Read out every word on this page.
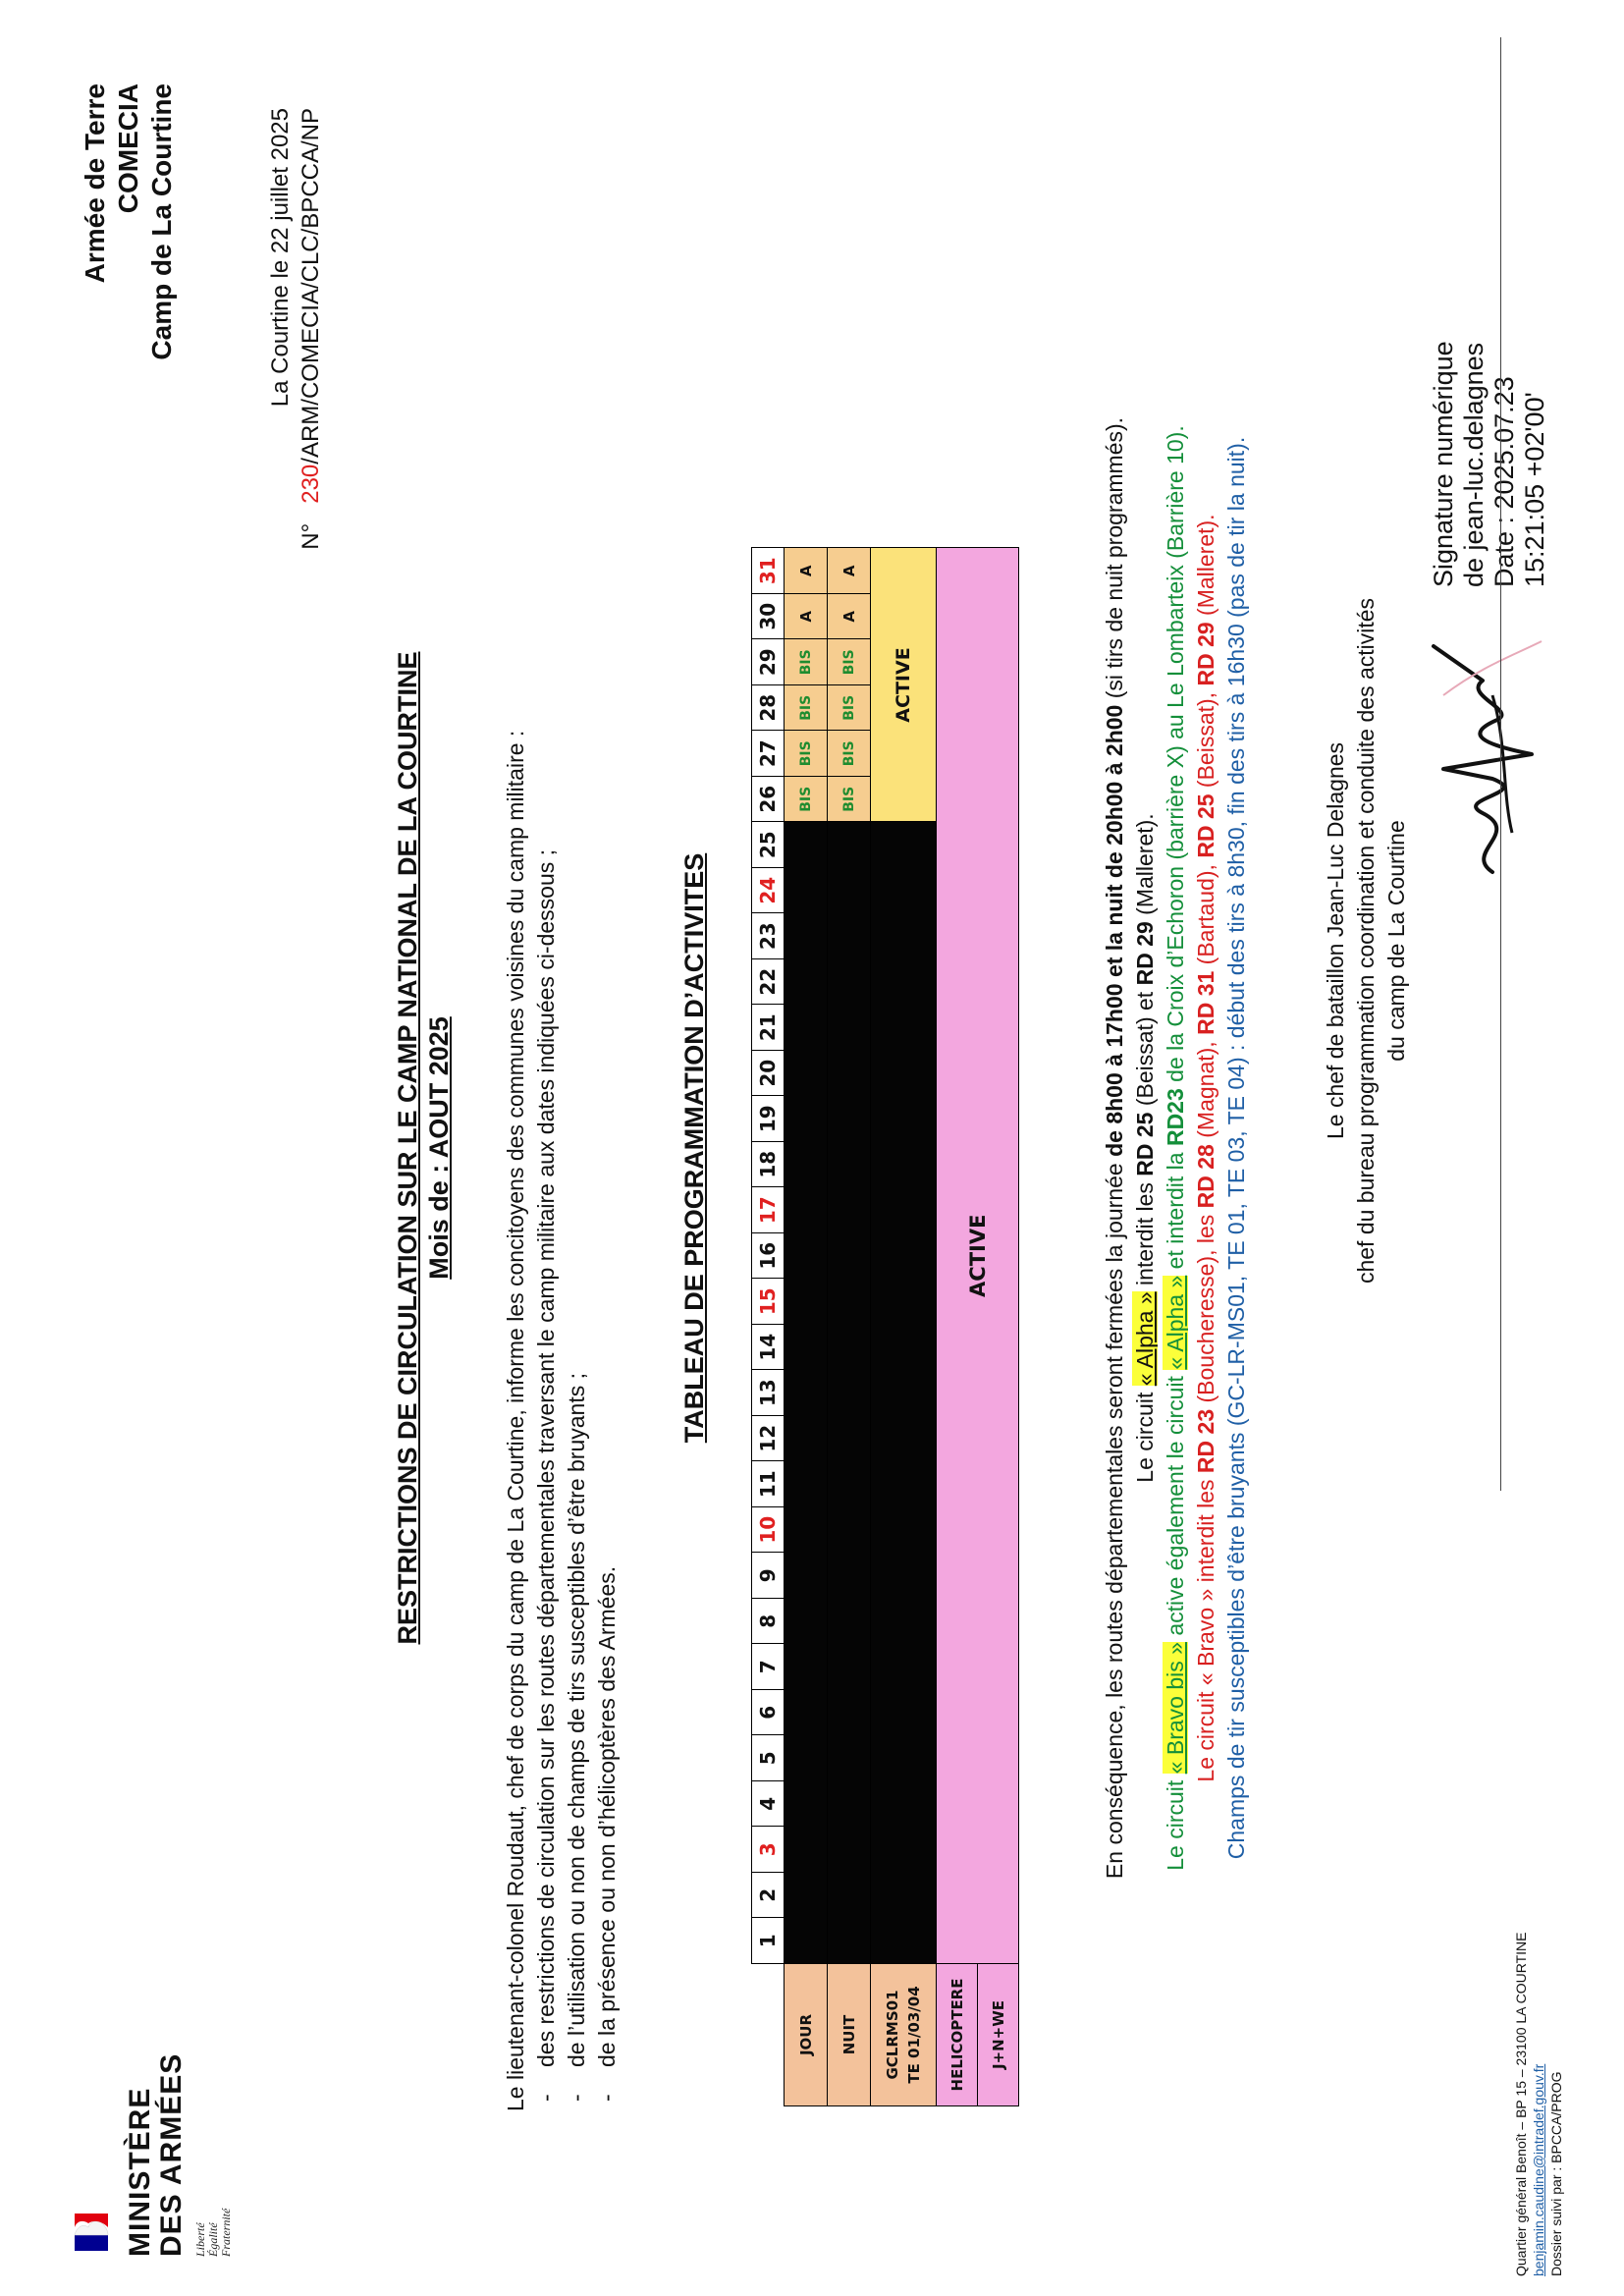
MINISTÈRE DES ARMÉES Liberté Égalité Fraternité
Armée de Terre COMECIA Camp de La Courtine	La Courtine le 22 juillet 2025
N°   230/ARM/COMECIA/CLC/BPCCA/NP
RESTRICTIONS DE CIRCULATION SUR LE CAMP NATIONAL DE LA COURTINE Mois de : AOUT 2025 Le lieutenant-colonel Roudaut, chef de corps du camp de La Courtine, informe les concitoyens des communes voisines du camp militaire : - des restrictions de circulation sur les routes départementales traversant le camp militaire aux dates indiquées ci-dessous ; - de l’utilisation ou non de champs de tirs susceptibles d’être bruyants ; - de la présence ou non d’hélicoptères des Armées.
TABLEAU DE PROGRAMMATION D’ACTIVITES
	1	2	3	4	5	6	7	8	9	10	11	12	13	14	15	16	17	18	19	20	21	22	23	24	25	26	27	28	29	30	31
JOUR																										BIS	BIS	BIS	BIS	A	A
NUIT																										BIS	BIS	BIS	BIS	A	A

GCLRMS01 TE 01/03/04																										ACTIVE					
HELICOPTERE	ACTIVE																														
J+N+WE																															
En conséquence, les routes départementales seront fermées la journée de 8h00 à 17h00 et la nuit de 20h00 à 2h00 (si tirs de nuit programmés).
Le circuit « Alpha » interdit les RD 25 (Beissat) et RD 29 (Malleret).
Le circuit « Bravo bis » active également le circuit « Alpha » et interdit la RD23 de la Croix d’Echoron (barrière X) au Le Lombarteix (Barrière 10).
Le circuit « Bravo » interdit les RD 23 (Boucheresse), les RD 28 (Magnat), RD 31 (Bartaud), RD 25 (Beissat), RD 29 (Malleret). Champs de tir susceptibles d’être bruyants (GC-LR-MS01, TE 01, TE 03, TE 04) : début des tirs à 8h30, fin des tirs à 16h30 (pas de tir la nuit).	Le chef de bataillon Jean-Luc Delagnes chef du bureau programmation coordination et conduite des activités du camp de La Courtine
Signature numérique de jean-luc.delagnes Date : 2025.07.23 15:21:05 +02'00'
Quartier général Benoît – BP 15 – 23100 LA COURTINE benjamin.caudine@intradef.gouv.fr Dossier suivi par : BPCCA/PROG
